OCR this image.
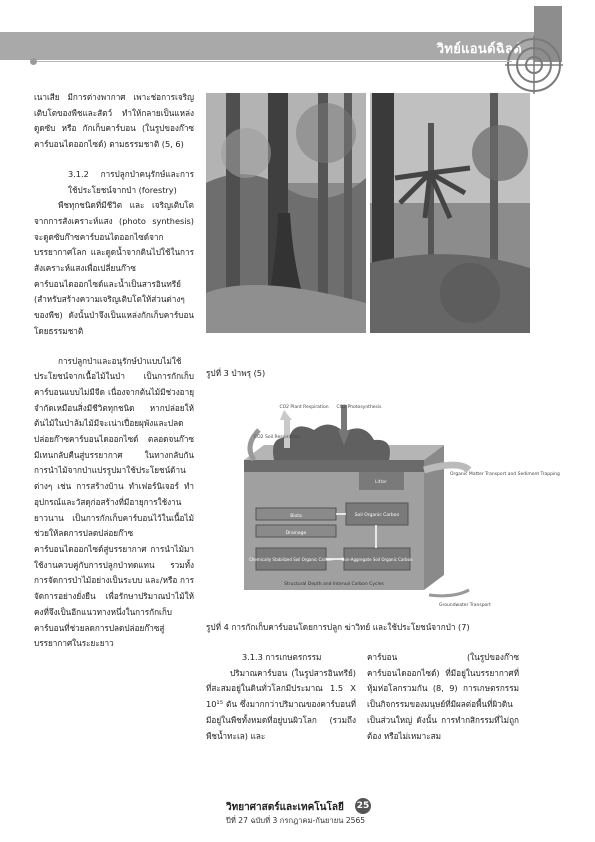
วิทย์แอนด์ฉิลด์

เนาเสีย มีการต่างพากาศ เพาะช่อการเจริญเติบโตของพืชและสัตว์ ทำให้กลายเป็นแหล่งดูดซับ หรือ กักเก็บคาร์บอน (ในรูปของก๊าซคาร์บอนไดออกไซด์) ตามธรรมชาติ (5, 6)

3.1.2 การปลูกป่าคนุรักษ์และการใช้ประโยชน์จากป่า (forestry)

พืชทุกชนิดที่มีชีวิต และ เจริญเติบโตจากการสังเคราะห์แสง (photo synthesis) จะดูดซับก๊าซคาร์บอนไดออกไซด์จากบรรยากาศโลก และดูดน้ำจากดินไปใช้ในการสังเคราะห์แสงเพื่อเปลี่ยนก๊าซคาร์บอนไดออกไซด์และน้ำเป็นสารอินทรีย์ (สำหรับสร้างความเจริญเติบโตให้ส่วนต่างๆ ของพืช) ดังนั้นป่าจึงเป็นแหล่งกักเก็บคาร์บอนโดยธรรมชาติ

การปลูกป่าและอนุรักษ์ป่าแบบไม่ใช้ประโยชน์จากเนื้อไม้ในป่า เป็นการกักเก็บคาร์บอนแบบไม่มีจีด เนื่องจากต้นไม้มีช่วงอายุจำกัดเหมือนสิ่งมีชีวิตทุกชนิด หากปล่อยให้ต้นไม้ในป่าล้มไม้มีจะเน่าเปื่อยผุพังและปลดปล่อยก๊าซคาร์บอนไดออกไซด์ ตลอดจนก๊าซมีเทนกลับคืนสู่บรรยากาศ ในทางกลับกัน การนำไม้จากป่าแปรรูปมาใช้ประโยชน์ด้านต่างๆ เช่น การสร้างบ้าน ทำเฟอร์นิเจอร์ ทำอุปกรณ์และวัสดุก่อสร้างที่มีอายุการใช้งานยาวนาน เป็นการกักเก็บคาร์บอนไว้ในเนื้อไม้ ช่วยให้ลดการปลดปล่อยก๊าซคาร์บอนไดออกไซด์สู่บรรยากาศ การนำไม้มาใช้งานควบคู่กับการปลูกป่าทดแทน รวมทั้งการจัดการป่าไม้อย่างเป็นระบบ และ/หรือ การจัดการอย่างยั่งยืน เพื่อรักษาปริมาณป่าไม้ให้คงที่จึงเป็นอีกแนวทางหนึ่งในการกักเก็บคาร์บอนที่ช่วยลดการปลดปล่อยก๊าซสู่บรรยากาศในระยะยาว

รูปที่ 3 ป่าพรุ (5)
CO2 Plant Respiration CO2 Photosynthesis
CO2 Soil Respiration
Organic Matter Transport and Sediment Trapping
Litter
Biota
Drainage
Soil Organic Carbon
Chemically Stabilized Soil Organic Carbon Non-Aggregate Soil Organic Carbon
Structural Depth and Interval Carbon Cycles
Groundwater Transport
รูปที่ 4 การกักเก็บคาร์บอนโดยการปลูก ฆ่าวิทย์ และใช้ประโยชน์จากป่า (7)

3.1.3 การเกษตรกรรม

ปริมาณคาร์บอน (ในรูปสารอินทรีย์) ที่สะสมอยู่ในดินทั่วโลกมีประมาณ 1.5 X 10¹⁵ ตัน ซึ่งมากกว่าปริมาณของคาร์บอนที่มีอยู่ในพืชทั้งหมดที่อยู่บนผิวโลก (รวมถึงพืชน้ำทะเล) และ

คาร์บอน (ในรูปของก๊าซคาร์บอนไดออกไซด์) ที่มีอยู่ในบรรยากาศที่หุ้มห่อโลกรวมกัน (8, 9) การเกษตรกรรม เป็นกิจกรรมของมนุษย์ที่มีผลต่อพื้นที่ผิวดินเป็นส่วนใหญ่ ดังนั้น การทำกสิกรรมที่ไม่ถูกต้อง หรือไม่เหมาะสม

วิทยาศาสตร์และเทคโนโลยี	25
ปีที่ 27 ฉบับที่ 3 กรกฎาคม-กันยายน 2565
